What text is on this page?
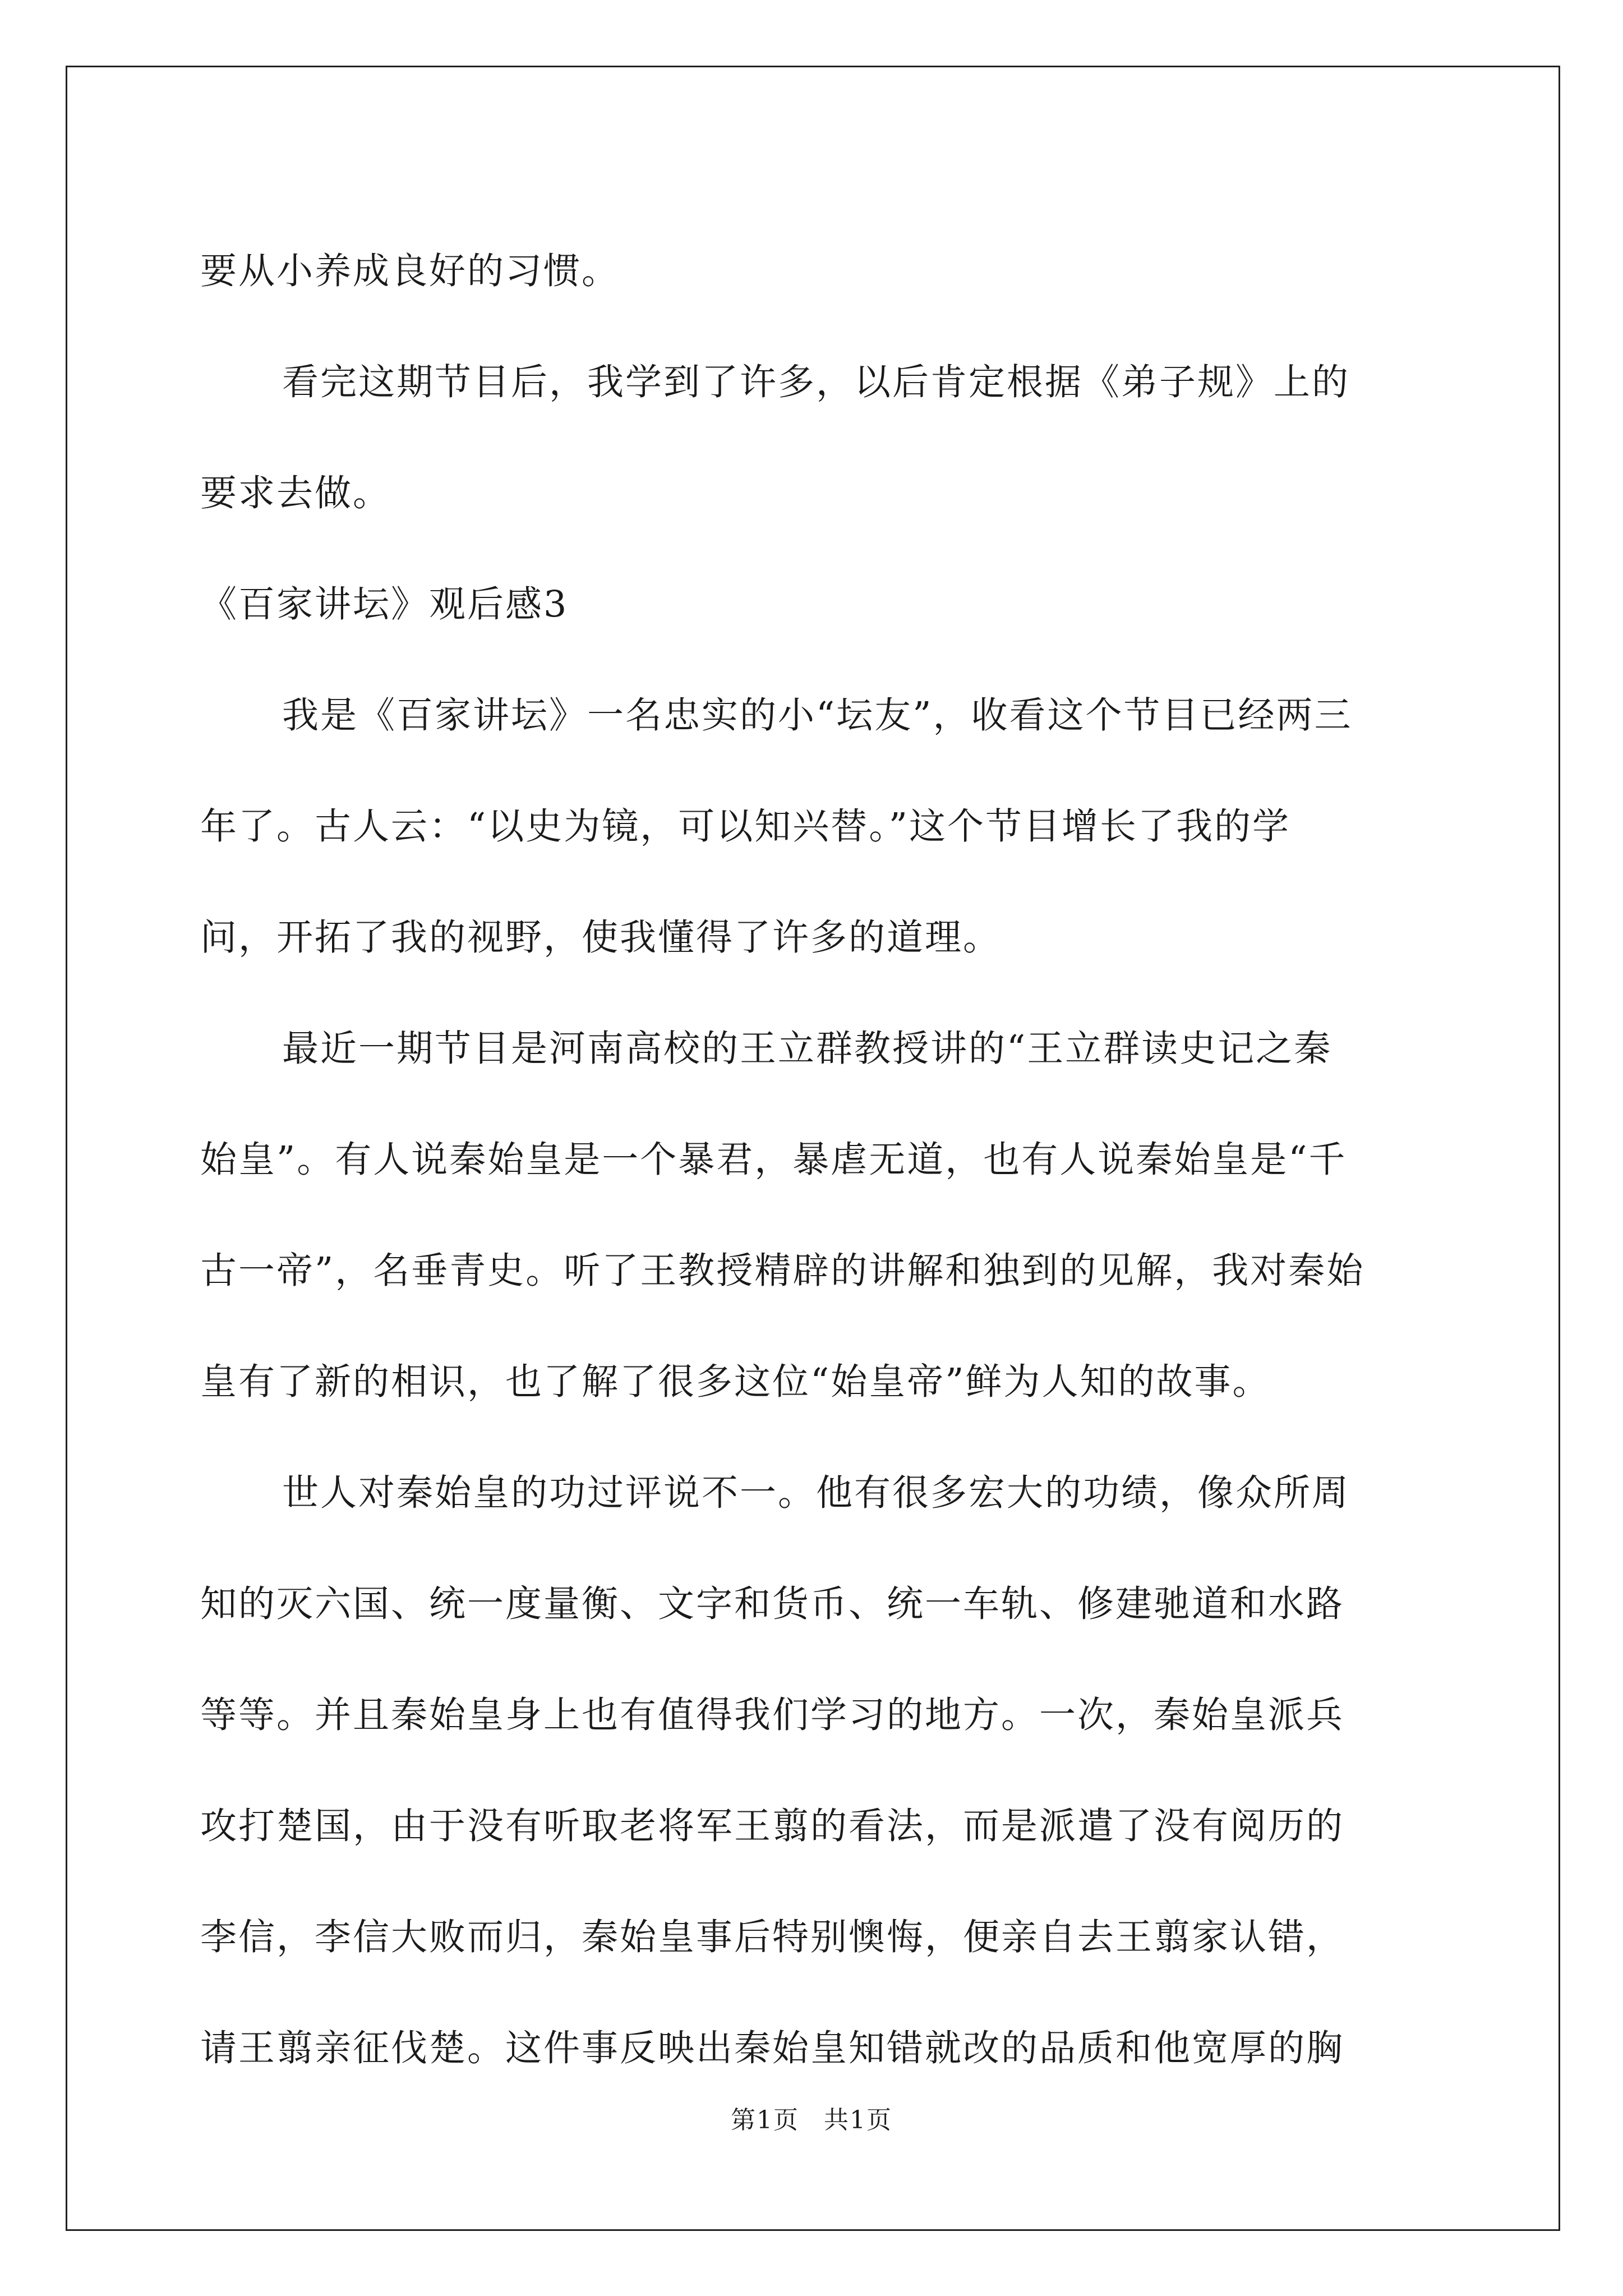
要从小养成良好的习惯。

看完这期节目后，我学到了许多，以后肯定根据《弟子规》上的
要求去做。

《百家讲坛》观后感3

我是《百家讲坛》一名忠实的小“坛友”，收看这个节目已经两三
年了。古人云：“以史为镜，可以知兴替。”这个节目增长了我的学
问，开拓了我的视野，使我懂得了许多的道理。

最近一期节目是河南高校的王立群教授讲的“王立群读史记之秦
始皇”。有人说秦始皇是一个暴君，暴虐无道，也有人说秦始皇是“千
古一帝”，名垂青史。听了王教授精辟的讲解和独到的见解，我对秦始
皇有了新的相识，也了解了很多这位“始皇帝”鲜为人知的故事。

世人对秦始皇的功过评说不一。他有很多宏大的功绩，像众所周
知的灭六国、统一度量衡、文字和货币、统一车轨、修建驰道和水路
等等。并且秦始皇身上也有值得我们学习的地方。一次，秦始皇派兵
攻打楚国，由于没有听取老将军王翦的看法，而是派遣了没有阅历的
李信，李信大败而归，秦始皇事后特别懊悔，便亲自去王翦家认错，
请王翦亲征伐楚。这件事反映出秦始皇知错就改的品质和他宽厚的胸

第1页 共1页
